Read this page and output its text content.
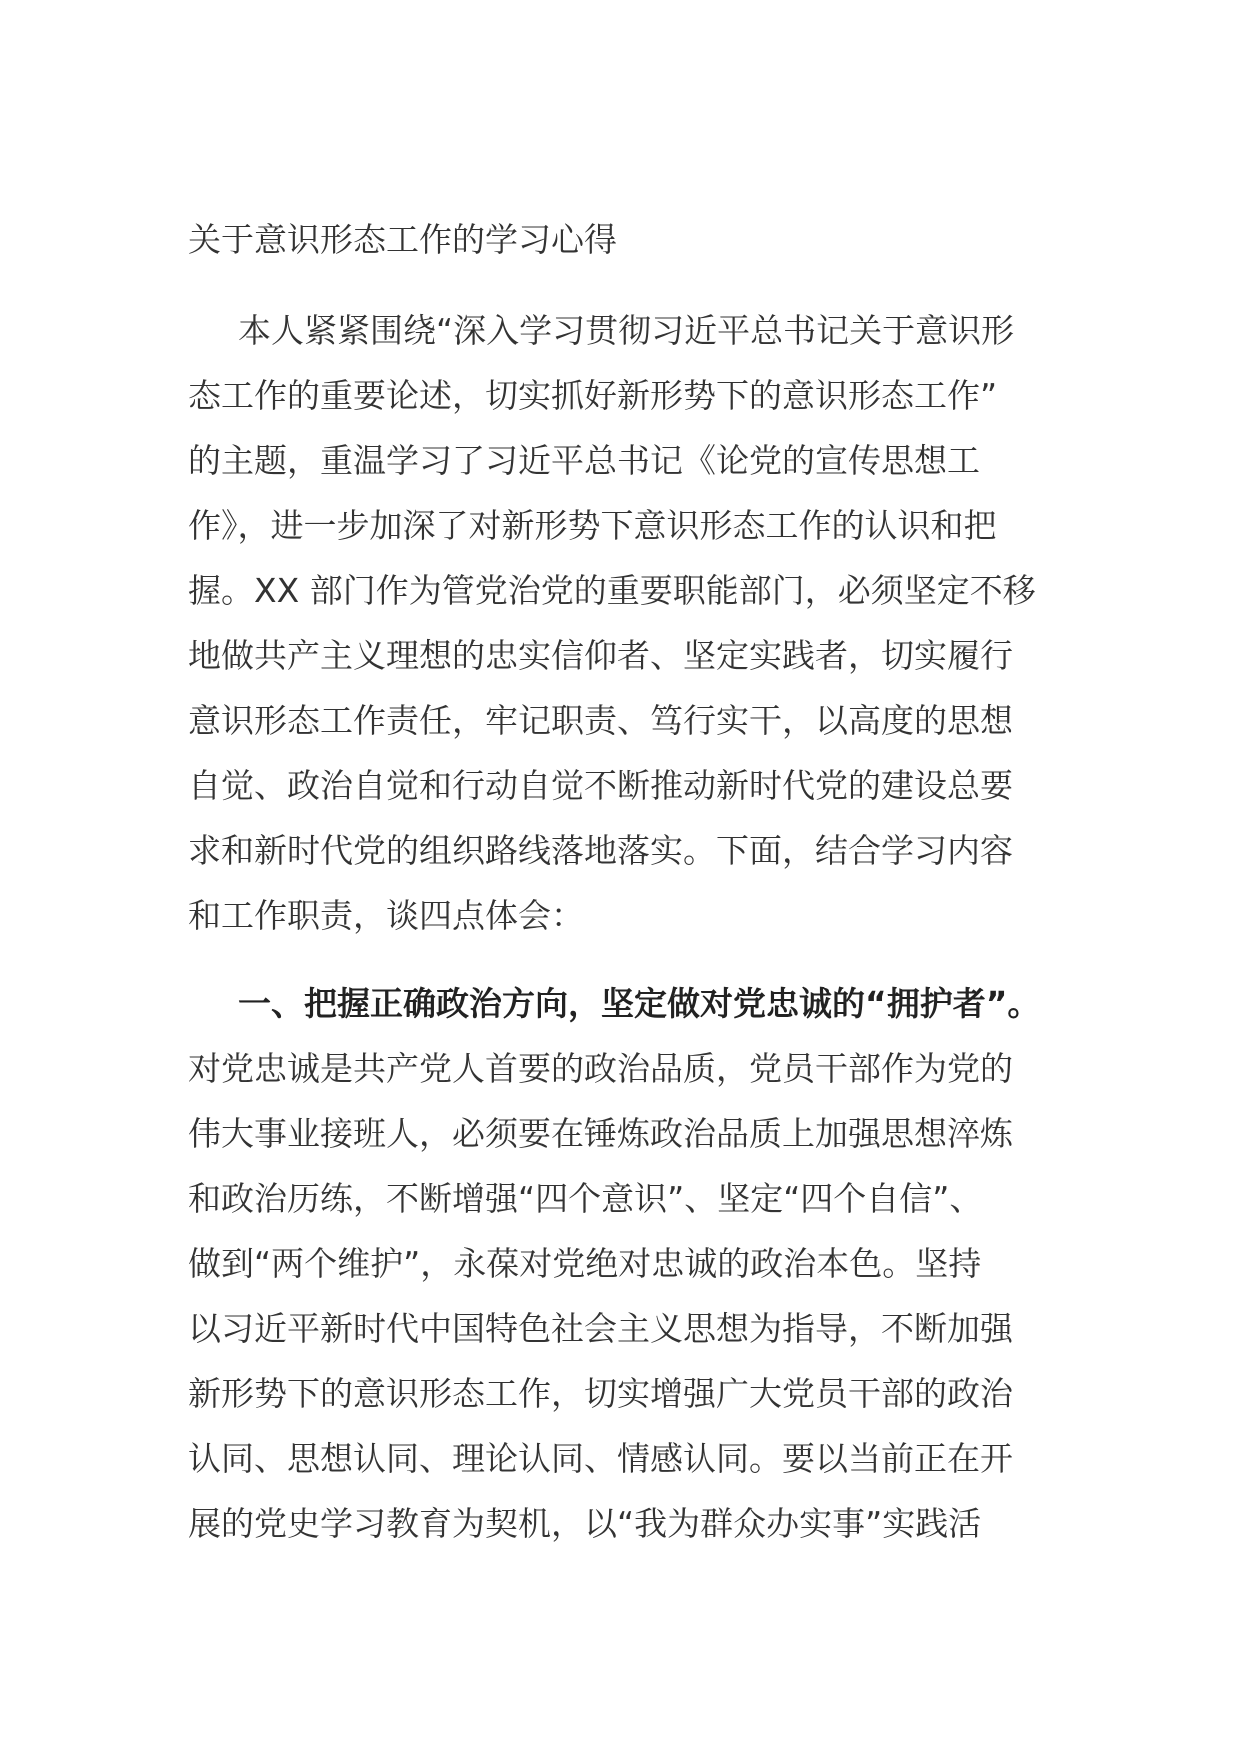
关于意识形态工作的学习心得
本人紧紧围绕“深入学习贯彻习近平总书记关于意识形
态工作的重要论述，切实抓好新形势下的意识形态工作”
的主题，重温学习了习近平总书记《论党的宣传思想工
作》，进一步加深了对新形势下意识形态工作的认识和把
握。XX 部门作为管党治党的重要职能部门，必须坚定不移
地做共产主义理想的忠实信仰者、坚定实践者，切实履行
意识形态工作责任，牢记职责、笃行实干，以高度的思想
自觉、政治自觉和行动自觉不断推动新时代党的建设总要
求和新时代党的组织路线落地落实。下面，结合学习内容
和工作职责，谈四点体会：
一、把握正确政治方向，坚定做对党忠诚的“拥护者”。
对党忠诚是共产党人首要的政治品质，党员干部作为党的
伟大事业接班人，必须要在锤炼政治品质上加强思想淬炼
和政治历练，不断增强“四个意识”、坚定“四个自信”、
做到“两个维护”，永葆对党绝对忠诚的政治本色。坚持
以习近平新时代中国特色社会主义思想为指导，不断加强
新形势下的意识形态工作，切实增强广大党员干部的政治
认同、思想认同、理论认同、情感认同。要以当前正在开
展的党史学习教育为契机，以“我为群众办实事”实践活
